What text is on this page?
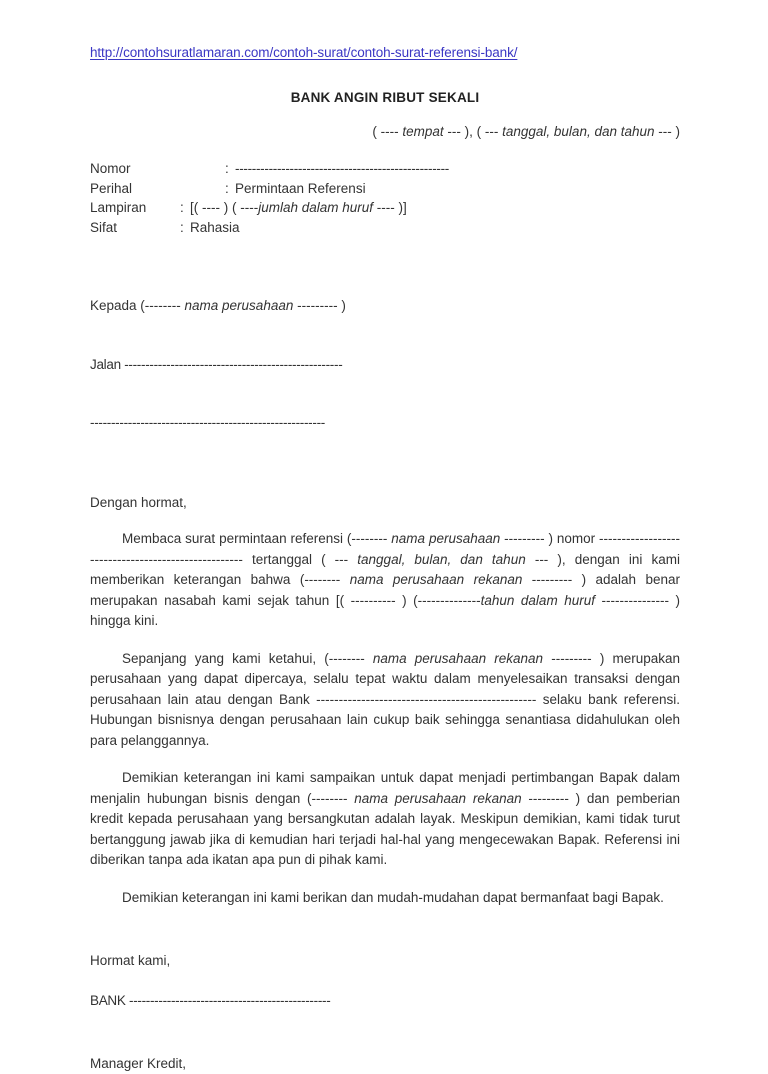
http://contohsuratlamaran.com/contoh-surat/contoh-surat-referensi-bank/
BANK ANGIN RIBUT SEKALI
( ---- tempat --- ), ( --- tanggal, bulan, dan tahun --- )
Nomor	: ---------------------------------------------------
Perihal	: Permintaan Referensi
Lampiran	: [( ---- ) ( ----jumlah dalam huruf ---- )]
Sifat	: Rahasia

Kepada (-------- nama perusahaan --------- )

Jalan ----------------------------------------------------

--------------------------------------------------------

Dengan hormat,
Membaca surat permintaan referensi (-------- nama perusahaan --------- ) nomor ---------------------------------------------------- tertanggal ( --- tanggal, bulan, dan tahun --- ), dengan ini kami memberikan keterangan bahwa (-------- nama perusahaan rekanan --------- ) adalah benar merupakan nasabah kami sejak tahun [( ---------- ) (--------------tahun dalam huruf --------------- ) hingga kini.
Sepanjang yang kami ketahui, (-------- nama perusahaan rekanan --------- ) merupakan perusahaan yang dapat dipercaya, selalu tepat waktu dalam menyelesaikan transaksi dengan perusahaan lain atau dengan Bank ------------------------------------------------- selaku bank referensi. Hubungan bisnisnya dengan perusahaan lain cukup baik sehingga senantiasa didahulukan oleh para pelanggannya.
Demikian keterangan ini kami sampaikan untuk dapat menjadi pertimbangan Bapak dalam menjalin hubungan bisnis dengan (-------- nama perusahaan rekanan --------- ) dan pemberian kredit kepada perusahaan yang bersangkutan adalah layak. Meskipun demikian, kami tidak turut bertanggung jawab jika di kemudian hari terjadi hal-hal yang mengecewakan Bapak. Referensi ini diberikan tanpa ada ikatan apa pun di pihak kami.
Demikian keterangan ini kami berikan dan mudah-mudahan dapat bermanfaat bagi Bapak.
Hormat kami,
BANK ------------------------------------------------
Manager Kredit,
